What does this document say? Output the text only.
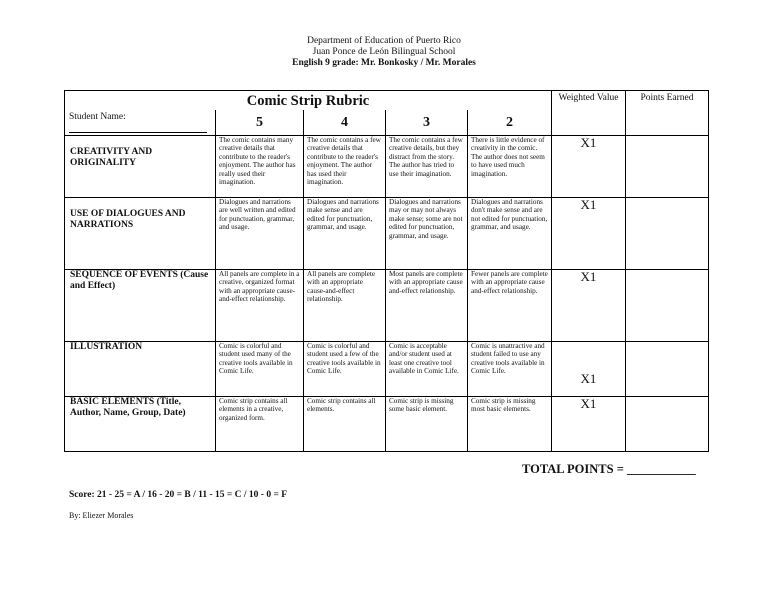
Department of Education of Puerto Rico
Juan Ponce de León Bilingual School
English 9 grade: Mr. Bonkosky / Mr. Morales
Comic Strip Rubric					Weighted Value	Points Earned
Student Name:	5	4	3	2		
CREATIVITY AND ORIGINALITY	The comic contains many creative details that contribute to the reader's enjoyment. The author has really used their imagination.	The comic contains a few creative details that contribute to the reader's enjoyment. The author has used their imagination.	The comic contains a few creative details, but they distract from the story. The author has tried to use their imagination.	There is little evidence of creativity in the comic. The author does not seem to have used much imagination.	X1	
USE OF DIALOGUES AND NARRATIONS	Dialogues and narrations are well written and edited for punctuation, grammar, and usage.	Dialogues and narrations make sense and are edited for punctuation, grammar, and usage.	Dialogues and narrations may or may not always make sense; some are not edited for punctuation, grammar, and usage.	Dialogues and narrations don't make sense and are not edited for punctuation, grammar, and usage.	X1	
SEQUENCE OF EVENTS (Cause and Effect)	All panels are complete in a creative, organized format with an appropriate cause-and-effect relationship.	All panels are complete with an appropriate cause-and-effect relationship.	Most panels are complete with an appropriate cause and-effect relationship.	Fewer panels are complete with an appropriate cause and-effect relationship.	X1	
ILLUSTRATION	Comic is colorful and student used many of the creative tools available in Comic Life.	Comic is colorful and student used a few of the creative tools available in Comic Life.	Comic is acceptable and/or student used at least one creative tool available in Comic Life.	Comic is unattractive and student failed to use any creative tools available in Comic Life.	X1	
BASIC ELEMENTS (Title, Author, Name, Group, Date)	Comic strip contains all elements in a creative, organized form.	Comic strip contains all elements.	Comic strip is missing some basic element.	Comic strip is missing most basic elements.	X1	
TOTAL POINTS = ___________
Score: 21 - 25 = A / 16 - 20 = B / 11 - 15 = C / 10 - 0 = F
By: Eliezer Morales
